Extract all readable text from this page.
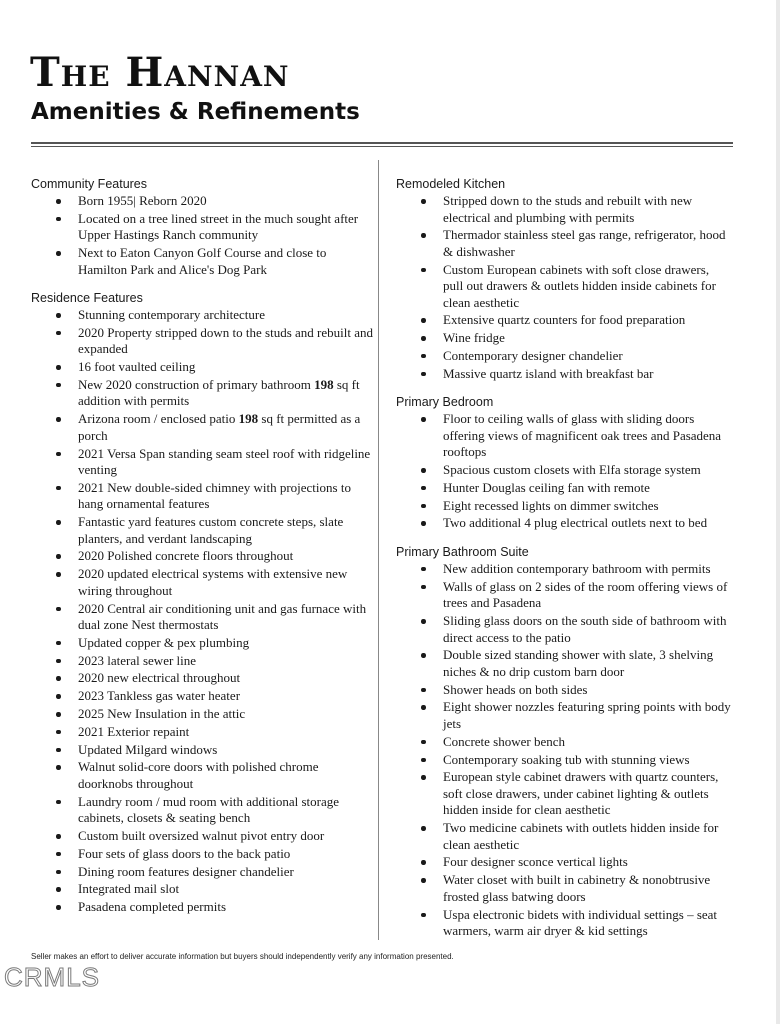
The Hannan
Amenities & Refinements
Community Features
Born 1955| Reborn 2020
Located on a tree lined street in the much sought after Upper Hastings Ranch community
Next to Eaton Canyon Golf Course and close to Hamilton Park and Alice's Dog Park
Residence Features
Stunning contemporary architecture
2020 Property stripped down to the studs and rebuilt and expanded
16 foot vaulted ceiling
New 2020 construction of primary bathroom 198 sq ft addition with permits
Arizona room / enclosed patio 198 sq ft permitted as a porch
2021 Versa Span standing seam steel roof with ridgeline venting
2021 New double-sided chimney with projections to hang ornamental features
Fantastic yard features custom concrete steps, slate planters, and verdant landscaping
2020 Polished concrete floors throughout
2020 updated electrical systems with extensive new wiring throughout
2020 Central air conditioning unit and gas furnace with dual zone Nest thermostats
Updated copper & pex plumbing
2023 lateral sewer line
2020 new electrical throughout
2023 Tankless gas water heater
2025 New Insulation in the attic
2021 Exterior repaint
Updated Milgard windows
Walnut solid-core doors with polished chrome doorknobs throughout
Laundry room / mud room with additional storage cabinets, closets & seating bench
Custom built oversized walnut pivot entry door
Four sets of glass doors to the back patio
Dining room features designer chandelier
Integrated mail slot
Pasadena completed permits
Remodeled Kitchen
Stripped down to the studs and rebuilt with new electrical and plumbing with permits
Thermador stainless steel gas range, refrigerator, hood & dishwasher
Custom European cabinets with soft close drawers, pull out drawers & outlets hidden inside cabinets for clean aesthetic
Extensive quartz counters for food preparation
Wine fridge
Contemporary designer chandelier
Massive quartz island with breakfast bar
Primary Bedroom
Floor to ceiling walls of glass with sliding doors offering views of magnificent oak trees and Pasadena rooftops
Spacious custom closets with Elfa storage system
Hunter Douglas ceiling fan with remote
Eight recessed lights on dimmer switches
Two additional 4 plug electrical outlets next to bed
Primary Bathroom Suite
New addition contemporary bathroom with permits
Walls of glass on 2 sides of the room offering views of trees and Pasadena
Sliding glass doors on the south side of bathroom with direct access to the patio
Double sized standing shower with slate, 3 shelving niches & no drip custom barn door
Shower heads on both sides
Eight shower nozzles featuring spring points with body jets
Concrete shower bench
Contemporary soaking tub with stunning views
European style cabinet drawers with quartz counters, soft close drawers, under cabinet lighting & outlets hidden inside for clean aesthetic
Two medicine cabinets with outlets hidden inside for clean aesthetic
Four designer sconce vertical lights
Water closet with built in cabinetry & nonobtrusive frosted glass batwing doors
Uspa electronic bidets with individual settings – seat warmers, warm air dryer & kid settings

Seller makes an effort to deliver accurate information but buyers should independently verify any information presented.

CRMLS
